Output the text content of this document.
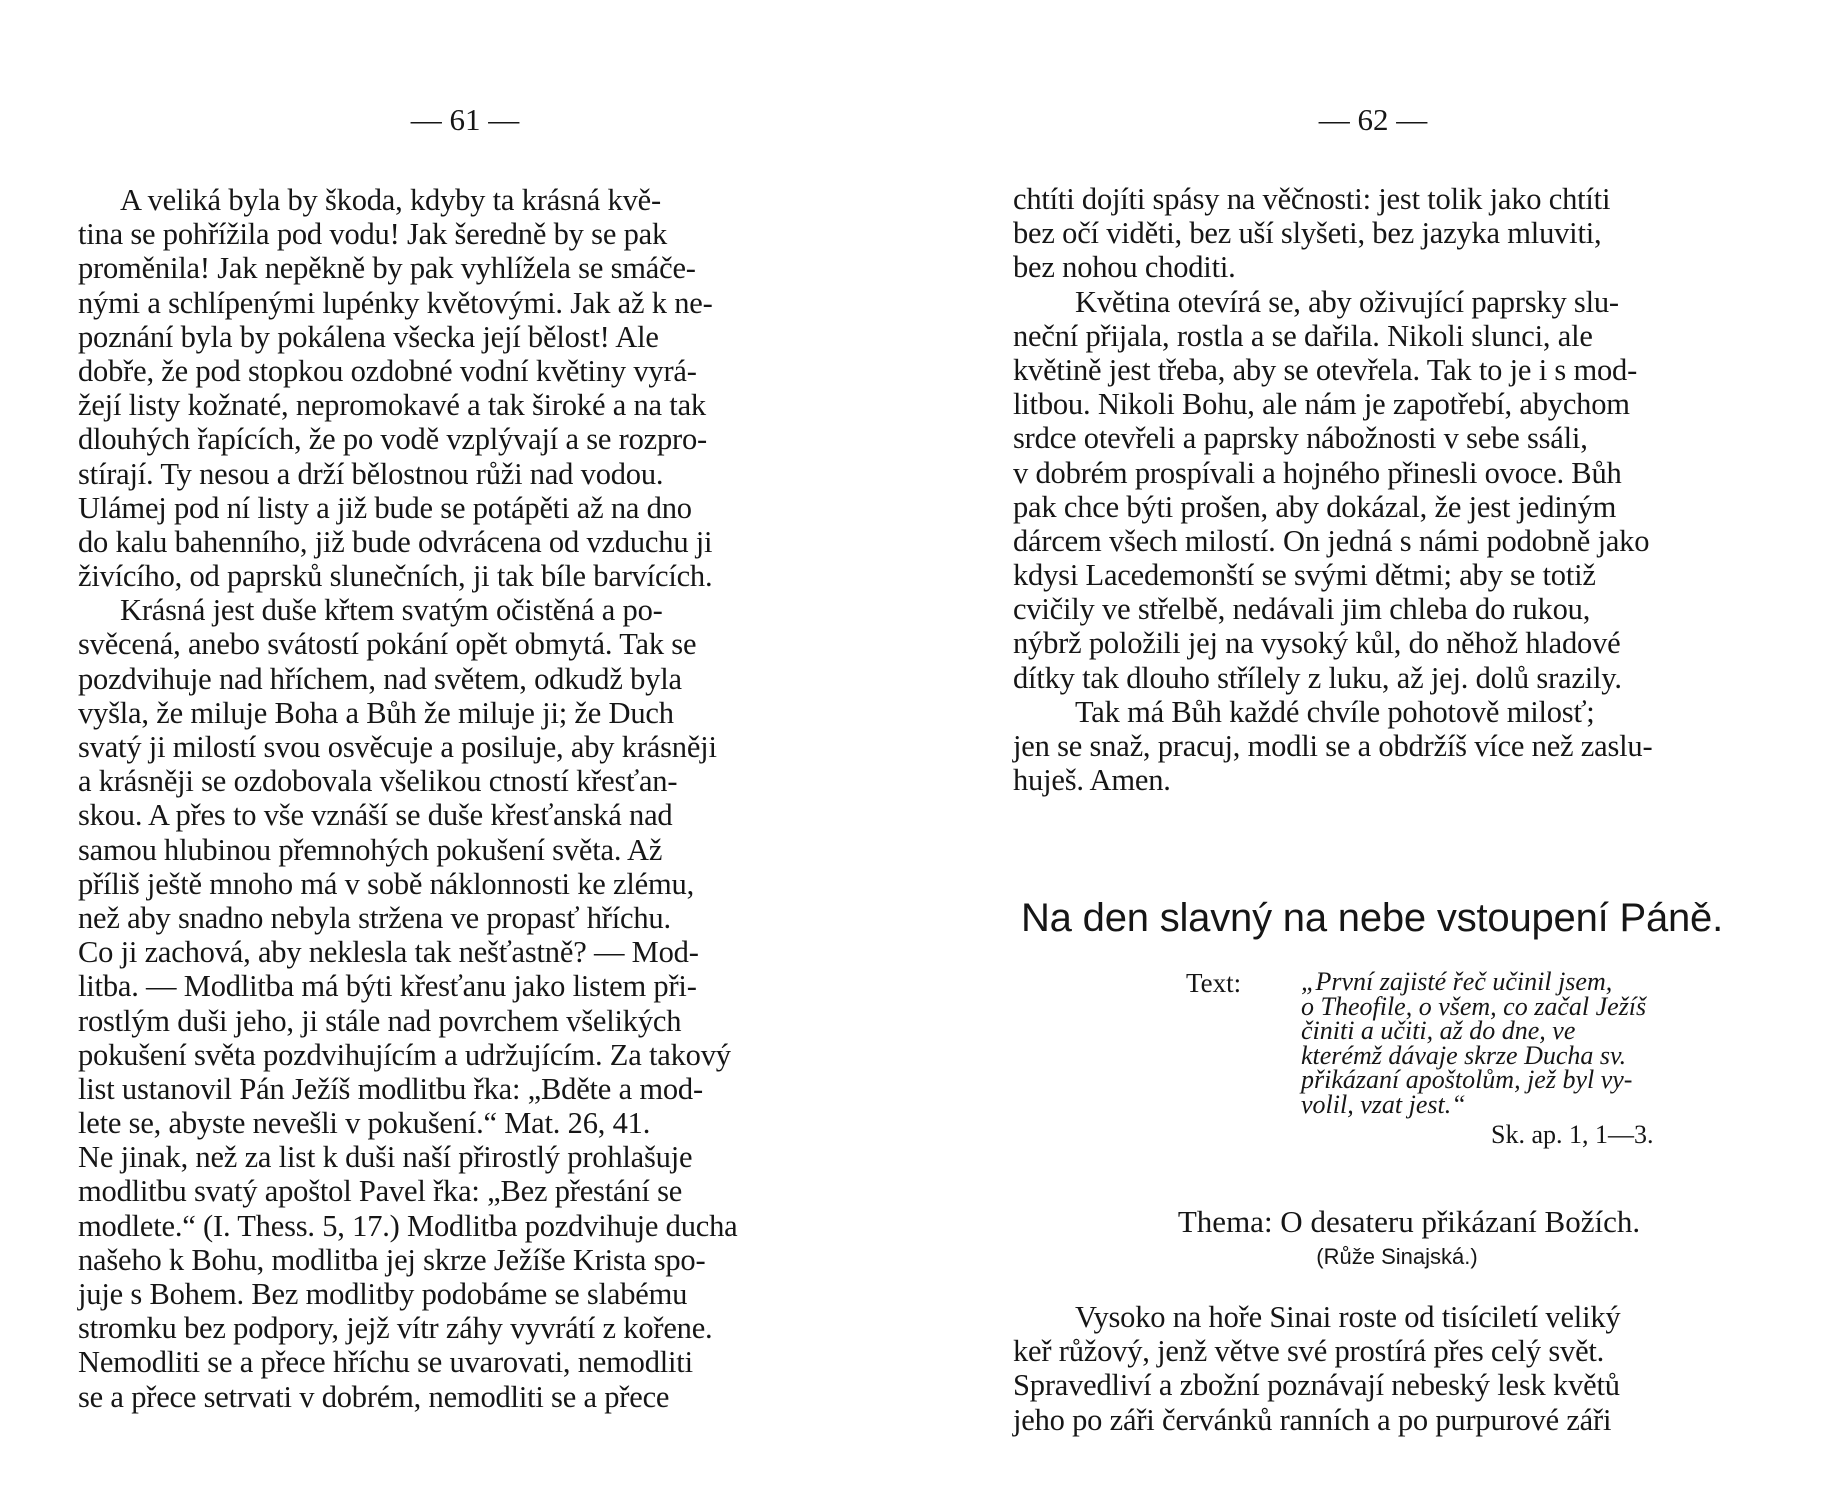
— 61 —
A veliká byla by škoda, kdyby ta krásná kvě-
tina se pohřížila pod vodu! Jak šeredně by se pak
proměnila! Jak nepěkně by pak vyhlížela se smáče-
nými a schlípenými lupénky květovými. Jak až k ne-
poznání byla by pokálena všecka její bělost! Ale
dobře, že pod stopkou ozdobné vodní květiny vyrá-
žejí listy kožnaté, nepromokavé a tak široké a na tak
dlouhých řapících, že po vodě vzplývají a se rozpro-
stírají. Ty nesou a drží bělostnou růži nad vodou.
Ulámej pod ní listy a již bude se potápěti až na dno
do kalu bahenního, již bude odvrácena od vzduchu ji
živícího, od paprsků slunečních, ji tak bíle barvících.
Krásná jest duše křtem svatým očistěná a po-
svěcená, anebo svátostí pokání opět obmytá. Tak se
pozdvihuje nad hříchem, nad světem, odkudž byla
vyšla, že miluje Boha a Bůh že miluje ji; že Duch
svatý ji milostí svou osvěcuje a posiluje, aby krásněji
a krásněji se ozdobovala všelikou ctností křesťan-
skou. A přes to vše vznáší se duše křesťanská nad
samou hlubinou přemnohých pokušení světa. Až
příliš ještě mnoho má v sobě náklonnosti ke zlému,
než aby snadno nebyla stržena ve propasť hříchu.
Co ji zachová, aby neklesla tak nešťastně? — Mod-
litba. — Modlitba má býti křesťanu jako listem při-
rostlým duši jeho, ji stále nad povrchem všelikých
pokušení světa pozdvihujícím a udržujícím. Za takový
list ustanovil Pán Ježíš modlitbu řka: „Bděte a mod-
lete se, abyste nevešli v pokušení.“ Mat. 26, 41.
Ne jinak, než za list k duši naší přirostlý prohlašuje
modlitbu svatý apoštol Pavel řka: „Bez přestání se
modlete.“ (I. Thess. 5, 17.) Modlitba pozdvihuje ducha
našeho k Bohu, modlitba jej skrze Ježíše Krista spo-
juje s Bohem. Bez modlitby podobáme se slabému
stromku bez podpory, jejž vítr záhy vyvrátí z kořene.
Nemodliti se a přece hříchu se uvarovati, nemodliti
se a přece setrvati v dobrém, nemodliti se a přece
— 62 —
chtíti dojíti spásy na věčnosti: jest tolik jako chtíti
bez očí viděti, bez uší slyšeti, bez jazyka mluviti,
bez nohou choditi.
Květina otevírá se, aby oživující paprsky slu-
neční přijala, rostla a se dařila. Nikoli slunci, ale
květině jest třeba, aby se otevřela. Tak to je i s mod-
litbou. Nikoli Bohu, ale nám je zapotřebí, abychom
srdce otevřeli a paprsky nábožnosti v sebe ssáli,
v dobrém prospívali a hojného přinesli ovoce. Bůh
pak chce býti prošen, aby dokázal, že jest jediným
dárcem všech milostí. On jedná s námi podobně jako
kdysi Lacedemonští se svými dětmi; aby se totiž
cvičily ve střelbě, nedávali jim chleba do rukou,
nýbrž položili jej na vysoký kůl, do něhož hladové
dítky tak dlouho střílely z luku, až jej. dolů srazily.
Tak má Bůh každé chvíle pohotově milosť;
jen se snaž, pracuj, modli se a obdržíš více než zaslu-
huješ. Amen.
Na den slavný na nebe vstoupení Páně.
Text: „První zajisté řeč učinil jsem,
o Theofile, o všem, co začal Ježíš
činiti a učiti, až do dne, ve
kterémž dávaje skrze Ducha sv.
přikázaní apoštolům, jež byl vy-
volil, vzat jest.“
Sk. ap. 1, 1—3.
Thema: O desateru přikázaní Božích.
(Růže Sinajská.)
Vysoko na hoře Sinai roste od tisíciletí veliký
keř růžový, jenž větve své prostírá přes celý svět.
Spravedliví a zbožní poznávají nebeský lesk květů
jeho po záři červánků ranních a po purpurové záři
